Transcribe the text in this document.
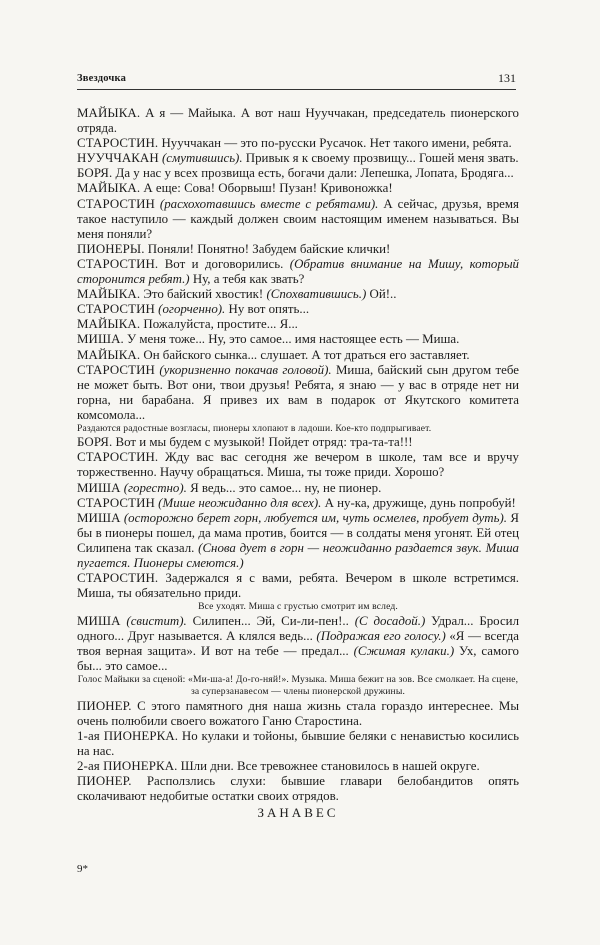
Звездочка	131

МАЙЫКА. А я — Майыка. А вот наш Нууччакан, председатель пионерского отряда.

СТАРОСТИН. Нууччакан — это по-русски Русачок. Нет такого имени, ребята.

НУУЧЧАКАН (смутившись). Привык я к своему прозвищу... Гошей меня звать.

БОРЯ. Да у нас у всех прозвища есть, богачи дали: Лепешка, Лопата, Бродяга...

МАЙЫКА. А еще: Сова! Оборвыш! Пузан! Кривоножка!

СТАРОСТИН (расхохотавшись вместе с ребятами). А сейчас, друзья, время такое наступило — каждый должен своим настоящим именем называться. Вы меня поняли?

ПИОНЕРЫ. Поняли! Понятно! Забудем байские клички!

СТАРОСТИН. Вот и договорились. (Обратив внимание на Мишу, который сторонится ребят.) Ну, а тебя как звать?

МАЙЫКА. Это байский хвостик! (Спохватившись.) Ой!..

СТАРОСТИН (огорченно). Ну вот опять...

МАЙЫКА. Пожалуйста, простите... Я...

МИША. У меня тоже... Ну, это самое... имя настоящее есть — Миша.

МАЙЫКА. Он байского сынка... слушает. А тот драться его заставляет.

СТАРОСТИН (укоризненно покачав головой). Миша, байский сын другом тебе не может быть. Вот они, твои друзья! Ребята, я знаю — у вас в отряде нет ни горна, ни барабана. Я привез их вам в подарок от Якутского комитета комсомола...

Раздаются радостные возгласы, пионеры хлопают в ладоши. Кое-кто подпрыгивает.

БОРЯ. Вот и мы будем с музыкой! Пойдет отряд: тра-та-та!!!

СТАРОСТИН. Жду вас вас сегодня же вечером в школе, там все и вручу торжественно. Научу обращаться. Миша, ты тоже приди. Хорошо?

МИША (горестно). Я ведь... это самое... ну, не пионер.

СТАРОСТИН (Мише неожиданно для всех). А ну-ка, дружище, дунь попробуй!

МИША (осторожно берет горн, любуется им, чуть осмелев, пробует дуть). Я бы в пионеры пошел, да мама против, боится — в солдаты меня угонят. Ей отец Силипена так сказал. (Снова дует в горн — неожиданно раздается звук. Миша пугается. Пионеры смеются.)

СТАРОСТИН. Задержался я с вами, ребята. Вечером в школе встретимся. Миша, ты обязательно приди.

Все уходят. Миша с грустью смотрит им вслед.

МИША (свистит). Силипен... Эй, Си-ли-пен!.. (С досадой.) Удрал... Бросил одного... Друг называется. А клялся ведь... (Подражая его голосу.) «Я — всегда твоя верная защита». И вот на тебе — предал... (Сжимая кулаки.) Ух, самого бы... это самое...

Голос Майыки за сценой: «Ми-ша-а! До-го-няй!». Музыка. Миша бежит на зов. Все смолкает. На сцене, за суперзанавесом — члены пионерской дружины.

ПИОНЕР. С этого памятного дня наша жизнь стала гораздо интереснее. Мы очень полюбили своего вожатого Ганю Старостина.

1-ая ПИОНЕРКА. Но кулаки и тойоны, бывшие беляки с ненавистью косились на нас.

2-ая ПИОНЕРКА. Шли дни. Все тревожнее становилось в нашей округе.

ПИОНЕР. Расползлись слухи: бывшие главари белобандитов опять сколачивают недобитые остатки своих отрядов.

ЗАНАВЕС

9*
